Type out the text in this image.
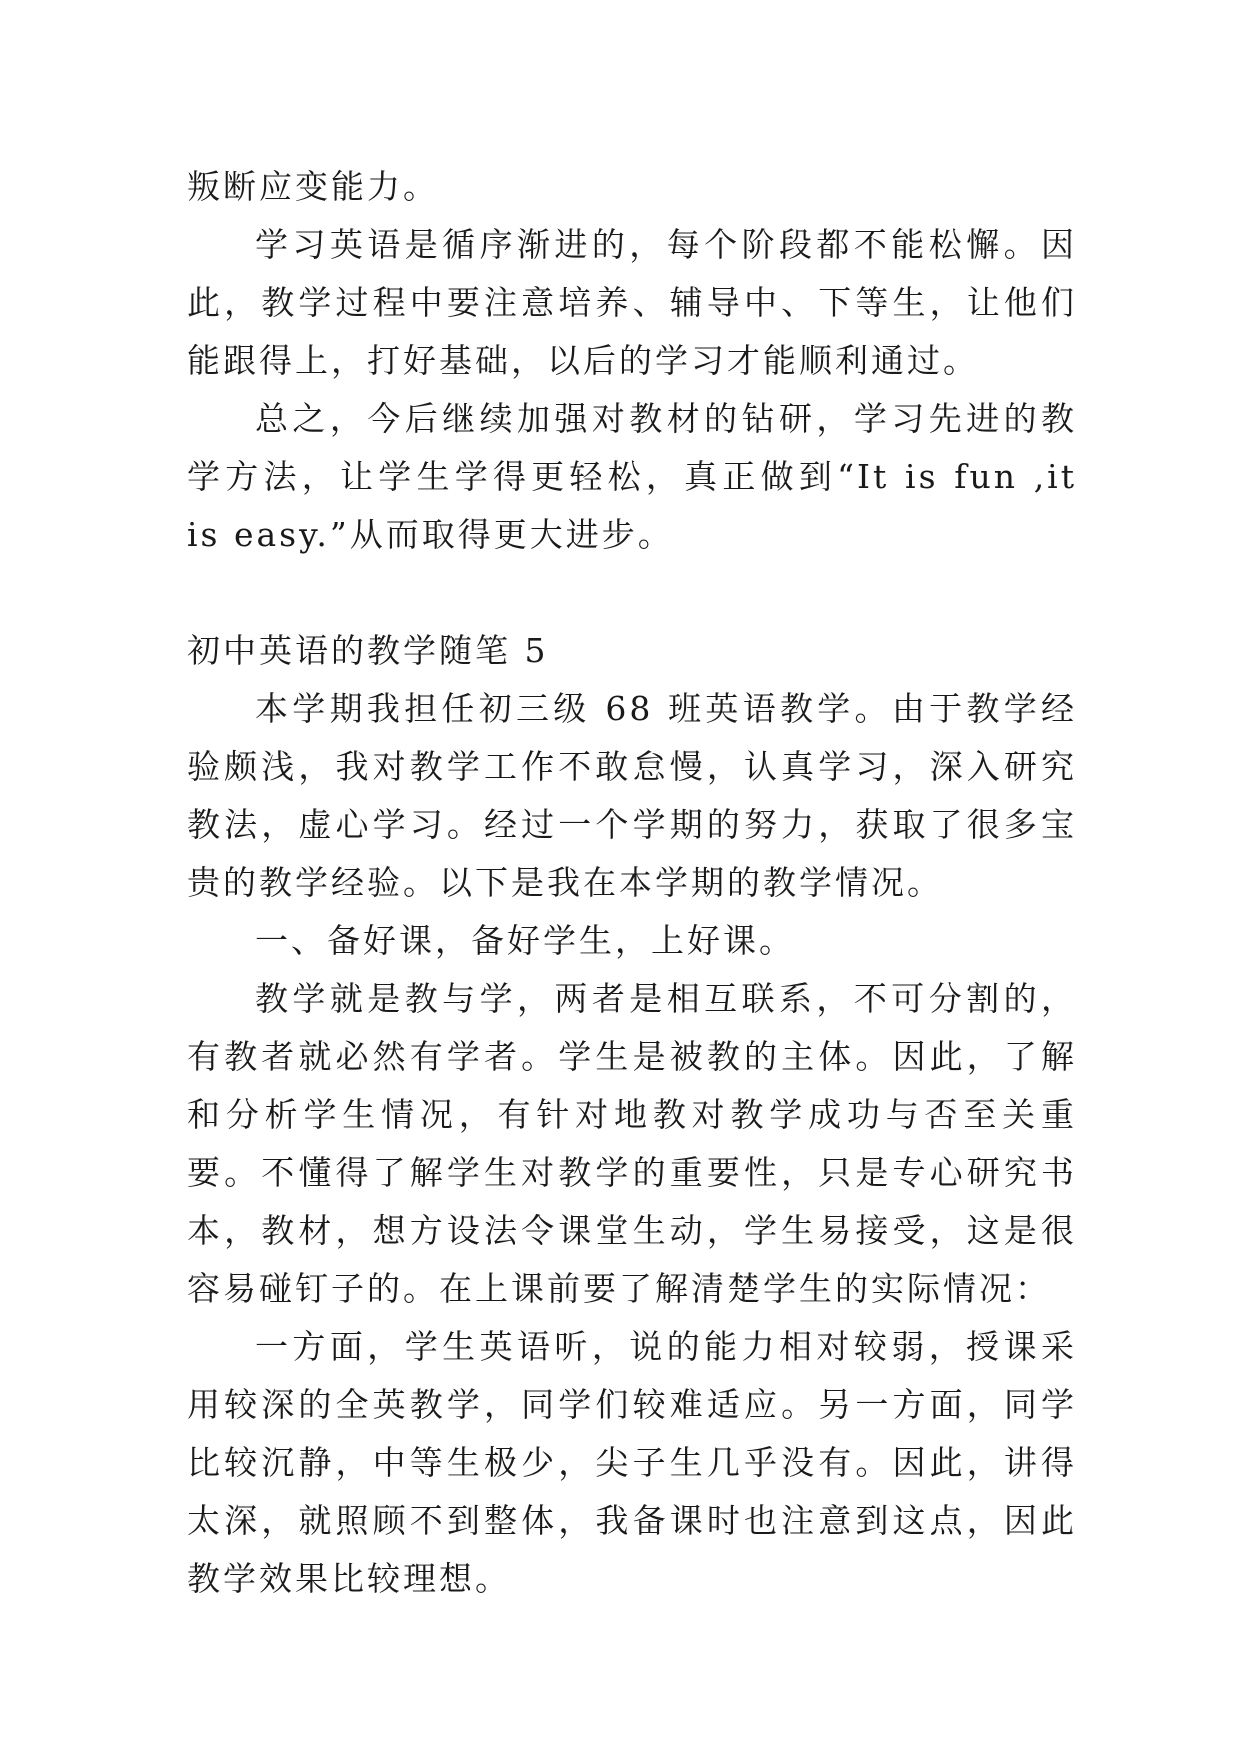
叛断应变能力。

学习英语是循序渐进的，每个阶段都不能松懈。因此，教学过程中要注意培养、辅导中、下等生，让他们能跟得上，打好基础，以后的学习才能顺利通过。

总之，今后继续加强对教材的钻研，学习先进的教学方法，让学生学得更轻松，真正做到“It is fun ,it is easy.”从而取得更大进步。

初中英语的教学随笔 5

本学期我担任初三级 68 班英语教学。由于教学经验颇浅，我对教学工作不敢怠慢，认真学习，深入研究教法，虚心学习。经过一个学期的努力，获取了很多宝贵的教学经验。以下是我在本学期的教学情况。

一、备好课，备好学生，上好课。

教学就是教与学，两者是相互联系，不可分割的，有教者就必然有学者。学生是被教的主体。因此，了解和分析学生情况，有针对地教对教学成功与否至关重要。不懂得了解学生对教学的重要性，只是专心研究书本，教材，想方设法令课堂生动，学生易接受，这是很容易碰钉子的。在上课前要了解清楚学生的实际情况：

一方面，学生英语听，说的能力相对较弱，授课采用较深的全英教学，同学们较难适应。另一方面，同学比较沉静，中等生极少，尖子生几乎没有。因此，讲得太深，就照顾不到整体，我备课时也注意到这点，因此教学效果比较理想。
